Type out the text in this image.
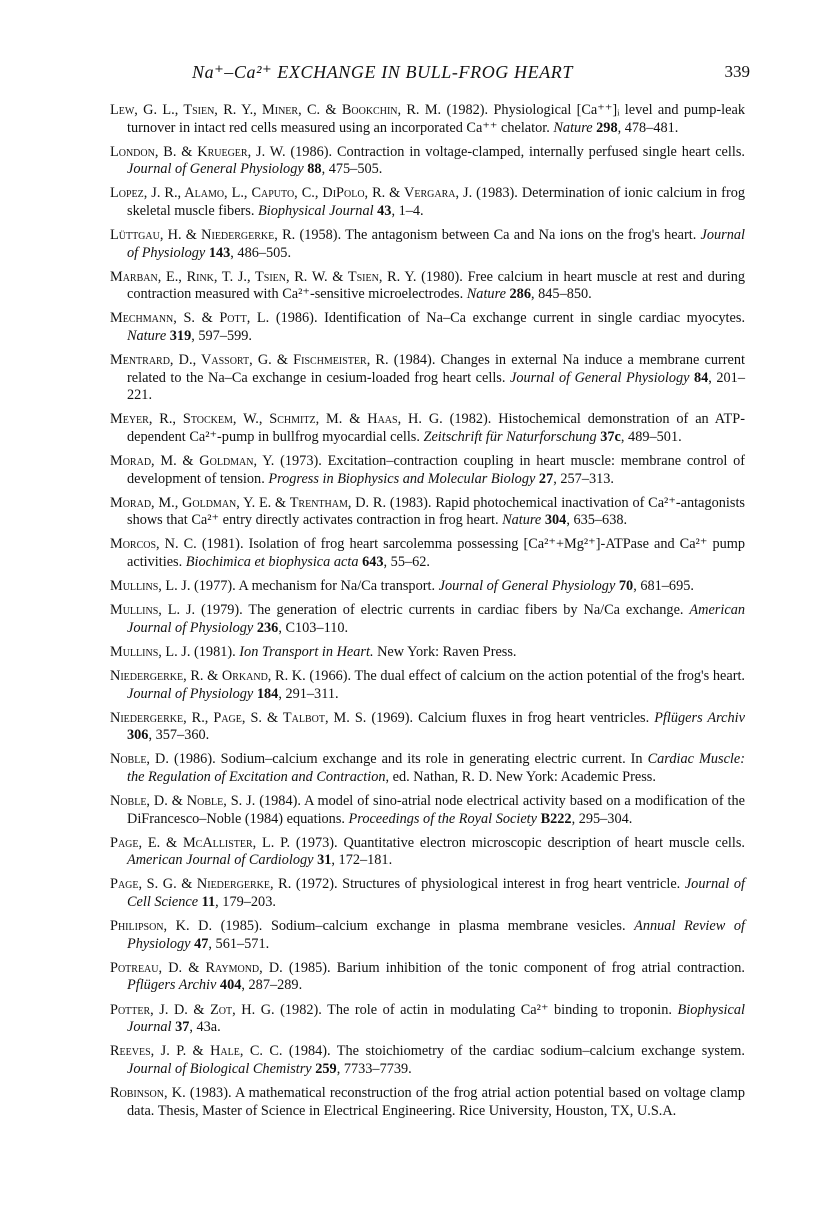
Na⁺–Ca²⁺ EXCHANGE IN BULL-FROG HEART	339

Lew, G. L., Tsien, R. Y., Miner, C. & Bookchin, R. M. (1982). Physiological [Ca⁺⁺]ᵢ level and pump-leak turnover in intact red cells measured using an incorporated Ca⁺⁺ chelator. Nature 298, 478–481.

London, B. & Krueger, J. W. (1986). Contraction in voltage-clamped, internally perfused single heart cells. Journal of General Physiology 88, 475–505.

Lopez, J. R., Alamo, L., Caputo, C., DiPolo, R. & Vergara, J. (1983). Determination of ionic calcium in frog skeletal muscle fibers. Biophysical Journal 43, 1–4.

Lüttgau, H. & Niedergerke, R. (1958). The antagonism between Ca and Na ions on the frog's heart. Journal of Physiology 143, 486–505.

Marban, E., Rink, T. J., Tsien, R. W. & Tsien, R. Y. (1980). Free calcium in heart muscle at rest and during contraction measured with Ca²⁺-sensitive microelectrodes. Nature 286, 845–850.

Mechmann, S. & Pott, L. (1986). Identification of Na–Ca exchange current in single cardiac myocytes. Nature 319, 597–599.

Mentrard, D., Vassort, G. & Fischmeister, R. (1984). Changes in external Na induce a membrane current related to the Na–Ca exchange in cesium-loaded frog heart cells. Journal of General Physiology 84, 201–221.

Meyer, R., Stockem, W., Schmitz, M. & Haas, H. G. (1982). Histochemical demonstration of an ATP-dependent Ca²⁺-pump in bullfrog myocardial cells. Zeitschrift für Naturforschung 37c, 489–501.

Morad, M. & Goldman, Y. (1973). Excitation–contraction coupling in heart muscle: membrane control of development of tension. Progress in Biophysics and Molecular Biology 27, 257–313.

Morad, M., Goldman, Y. E. & Trentham, D. R. (1983). Rapid photochemical inactivation of Ca²⁺-antagonists shows that Ca²⁺ entry directly activates contraction in frog heart. Nature 304, 635–638.

Morcos, N. C. (1981). Isolation of frog heart sarcolemma possessing [Ca²⁺+Mg²⁺]-ATPase and Ca²⁺ pump activities. Biochimica et biophysica acta 643, 55–62.

Mullins, L. J. (1977). A mechanism for Na/Ca transport. Journal of General Physiology 70, 681–695.

Mullins, L. J. (1979). The generation of electric currents in cardiac fibers by Na/Ca exchange. American Journal of Physiology 236, C103–110.

Mullins, L. J. (1981). Ion Transport in Heart. New York: Raven Press.

Niedergerke, R. & Orkand, R. K. (1966). The dual effect of calcium on the action potential of the frog's heart. Journal of Physiology 184, 291–311.

Niedergerke, R., Page, S. & Talbot, M. S. (1969). Calcium fluxes in frog heart ventricles. Pflügers Archiv 306, 357–360.

Noble, D. (1986). Sodium–calcium exchange and its role in generating electric current. In Cardiac Muscle: the Regulation of Excitation and Contraction, ed. Nathan, R. D. New York: Academic Press.

Noble, D. & Noble, S. J. (1984). A model of sino-atrial node electrical activity based on a modification of the DiFrancesco–Noble (1984) equations. Proceedings of the Royal Society B222, 295–304.

Page, E. & McAllister, L. P. (1973). Quantitative electron microscopic description of heart muscle cells. American Journal of Cardiology 31, 172–181.

Page, S. G. & Niedergerke, R. (1972). Structures of physiological interest in frog heart ventricle. Journal of Cell Science 11, 179–203.

Philipson, K. D. (1985). Sodium–calcium exchange in plasma membrane vesicles. Annual Review of Physiology 47, 561–571.

Potreau, D. & Raymond, D. (1985). Barium inhibition of the tonic component of frog atrial contraction. Pflügers Archiv 404, 287–289.

Potter, J. D. & Zot, H. G. (1982). The role of actin in modulating Ca²⁺ binding to troponin. Biophysical Journal 37, 43a.

Reeves, J. P. & Hale, C. C. (1984). The stoichiometry of the cardiac sodium–calcium exchange system. Journal of Biological Chemistry 259, 7733–7739.

Robinson, K. (1983). A mathematical reconstruction of the frog atrial action potential based on voltage clamp data. Thesis, Master of Science in Electrical Engineering. Rice University, Houston, TX, U.S.A.
